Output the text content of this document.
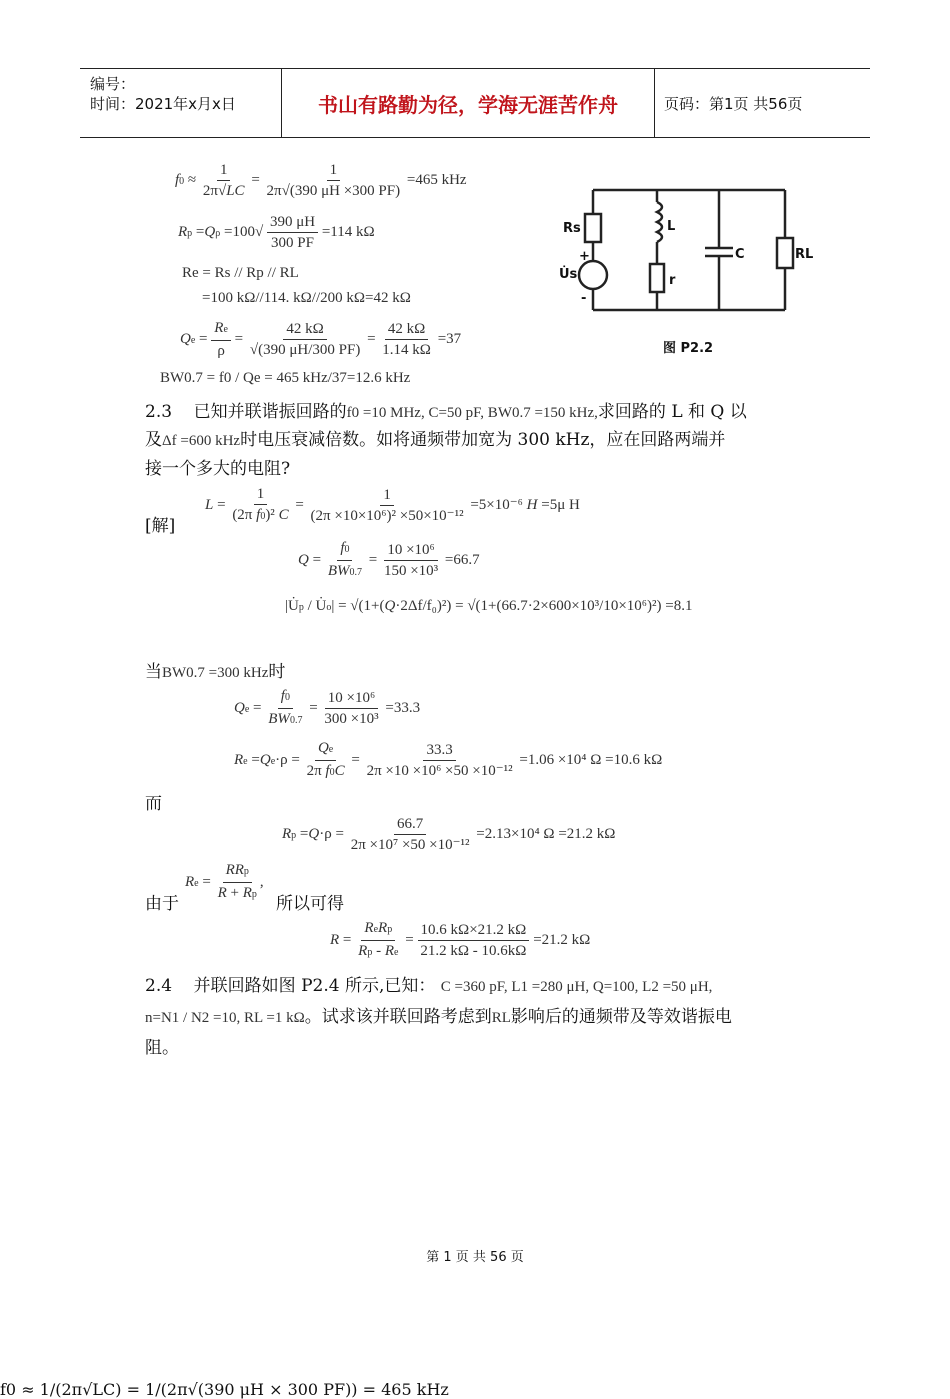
编号：
时间：2021年x月x日	书山有路勤为径，学海无涯苦作舟	页码：第1页 共56页
$f0 \approx \frac{1}{2\pi√LC} = \frac{1}{2\pi√(390 \mu H \times 300 PF)} =465$ kHz
f0 ≈ 1/(2π√LC) = 1/(2π√(390 μH × 300 PF)) = 465 kHz
$Rp =Q\rho =100√ \frac{390 \mu H}{300 PF} =114$ kΩ
Re = Rs // Rp // RL
=100 kΩ//114. kΩ//200 kΩ=42 kΩ
$Qe = \frac{Re}{\rho} = \frac{42 k\Omega}{√(390 \mu H/300 PF)} = \frac{42 k\Omega}{1.14 k\Omega} =37$
BW0.7 = f0 / Qe = 465 kHz/37=12.6 kHz
Rs
U̇s
+
-
L
r
C	RL
图 P2.2
2.3 已知并联谐振回路的f0 =10 MHz, C=50 pF, BW0.7 =150 kHz,求回路的 L 和 Q 以
及Δf =600 kHz时电压衰减倍数。如将通频带加宽为 300 kHz，应在回路两端并
接一个多大的电阻?
$L = \frac{1}{\text{(2π f0)² C}} = \frac{1}{\text{(2π ×10×10⁶)² ×50×10⁻¹²}} =5\times 10^{-6}$ H =5μ H
[解]
$Q = \frac{f0}{BW0.7} = \frac{\text{10 ×10⁶}}{\text{150 ×10³}} =66.7$
|U̇p / U̇o| = √(1+(Q·2Δf/f₀)²) = √(1+(66.7·2×600×10³/10×10⁶)²) =8.1
当BW0.7 =300 kHz时
$Qe = \frac{f0}{BW0.7} = \frac{\text{10 ×10⁶}}{\text{300 ×10³}} =33.3$
$Re =Qe\cdot\rho = \frac{Qe}{\text{2π f0C}} = \frac{33.3}{\text{2π ×10 ×10⁶ ×50 ×10⁻¹²}} =1.06 \times 10^4$ Ω =10.6 kΩ
而
$Rp =Q\cdot\rho = \frac{66.7}{\text{2π ×10⁷ ×50 ×10⁻¹²}} =2.13\times 10^4$ Ω =21.2 kΩ
由于
$Re = \frac{\text{RRp}}{R + Rp}$ ,
所以可得
$R = \frac{\text{ReRp}}{Rp - Re} = \frac{10.6 k\Omega\times 21.2 k\Omega}{21.2 k\Omega - 10.6k\Omega} =21.2$ kΩ
2.4 并联回路如图 P2.4 所示,已知： C =360 pF, L1 =280 μH, Q=100, L2 =50 μH,
n=N1 / N2 =10, RL =1 kΩ。试求该并联回路考虑到RL影响后的通频带及等效谐振电
阻。
第 1 页 共 56 页
